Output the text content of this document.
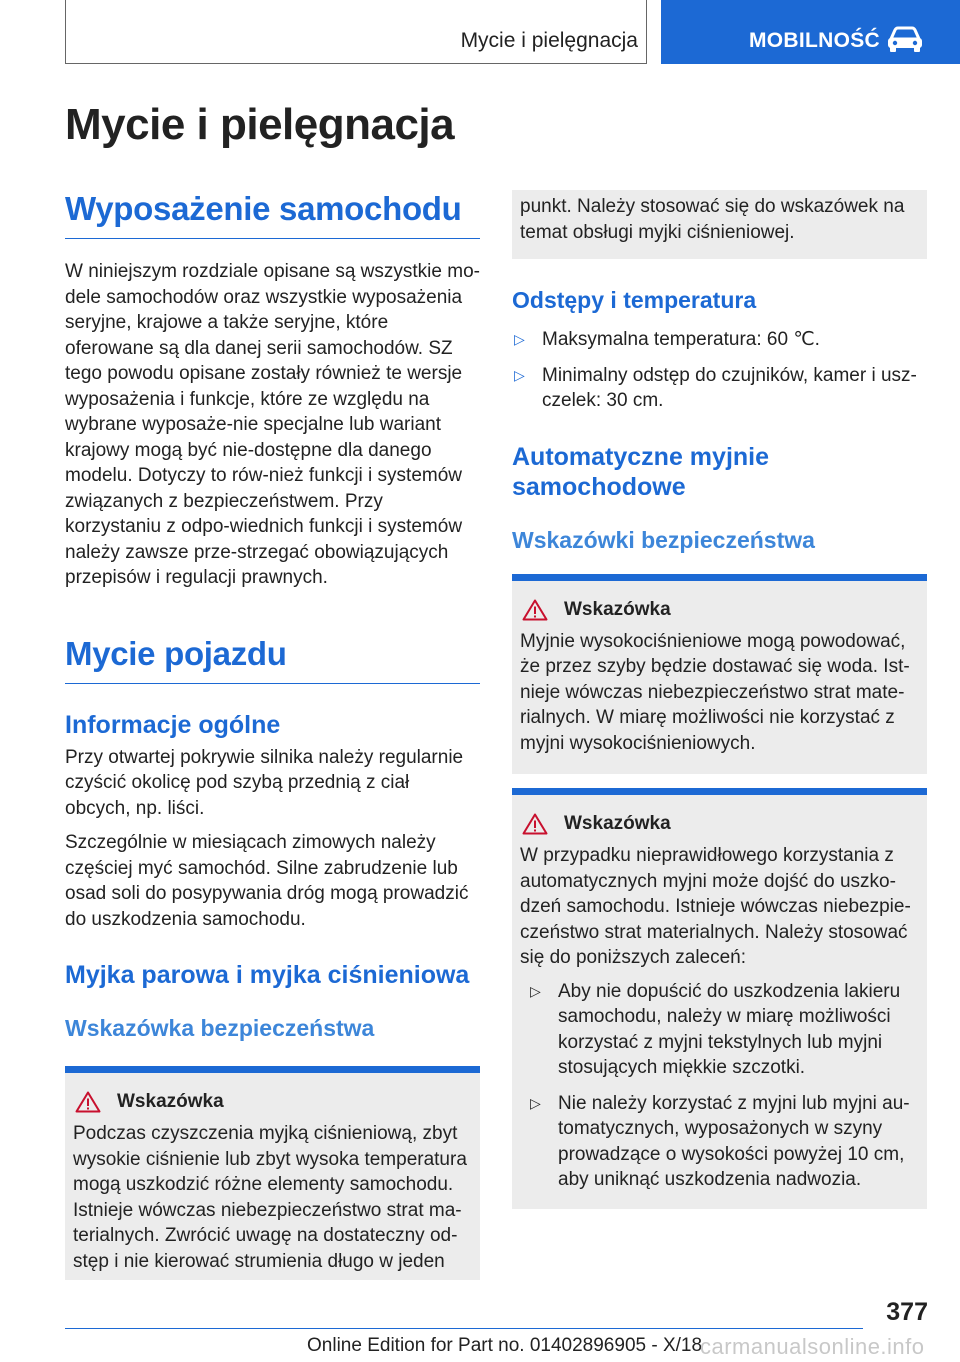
Mycie i pielęgnacja	MOBILNOŚĆ
Mycie i pielęgnacja
Wyposażenie samochodu

W niniejszym rozdziale opisane są wszystkie mo-dele samochodów oraz wszystkie wyposażenia seryjne, krajowe a także seryjne, które oferowane są dla danej serii samochodów. SZ tego powodu opisane zostały również te wersje wyposażenia i funkcje, które ze względu na wybrane wyposaże-nie specjalne lub wariant krajowy mogą być nie-dostępne dla danego modelu. Dotyczy to rów-nież funkcji i systemów związanych z bezpieczeństwem. Przy korzystaniu z odpo-wiednich funkcji i systemów należy zawsze prze-strzegać obowiązujących przepisów i regulacji prawnych.

Mycie pojazdu
Informacje ogólne

Przy otwartej pokrywie silnika należy regularnie czyścić okolicę pod szybą przednią z ciał obcych, np. liści.

Szczególnie w miesiącach zimowych należy częściej myć samochód. Silne zabrudzenie lub osad soli do posypywania dróg mogą prowadzić do uszkodzenia samochodu.

Myjka parowa i myjka ciśnieniowa
Wskazówka bezpieczeństwa
Wskazówka

Podczas czyszczenia myjką ciśnieniową, zbyt wysokie ciśnienie lub zbyt wysoka temperatura mogą uszkodzić różne elementy samochodu. Istnieje wówczas niebezpieczeństwo strat ma-terialnych. Zwrócić uwagę na dostateczny od-stęp i nie kierować strumienia długo w jeden

punkt. Należy stosować się do wskazówek na temat obsługi myjki ciśnieniowej.

Odstępy i temperatura
▷ Maksymalna temperatura: 60 ℃.
▷ Minimalny odstęp do czujników, kamer i usz-czelek: 30 cm.
Automatyczne myjnie samochodowe
Wskazówki bezpieczeństwa
Wskazówka

Myjnie wysokociśnieniowe mogą powodować, że przez szyby będzie dostawać się woda. Ist-nieje wówczas niebezpieczeństwo strat mate-rialnych. W miarę możliwości nie korzystać z myjni wysokociśnieniowych.

Wskazówka

W przypadku nieprawidłowego korzystania z automatycznych myjni może dojść do uszko-dzeń samochodu. Istnieje wówczas niebezpie-czeństwo strat materialnych. Należy stosować się do poniższych zaleceń:

▷ Aby nie dopuścić do uszkodzenia lakieru samochodu, należy w miarę możliwości korzystać z myjni tekstylnych lub myjni stosujących miękkie szczotki.
▷ Nie należy korzystać z myjni lub myjni au-tomatycznych, wyposażonych w szyny prowadzące o wysokości powyżej 10 cm, aby uniknąć uszkodzenia nadwozia.
377
Online Edition for Part no. 01402896905 - X/18
carmanualsonline.info
